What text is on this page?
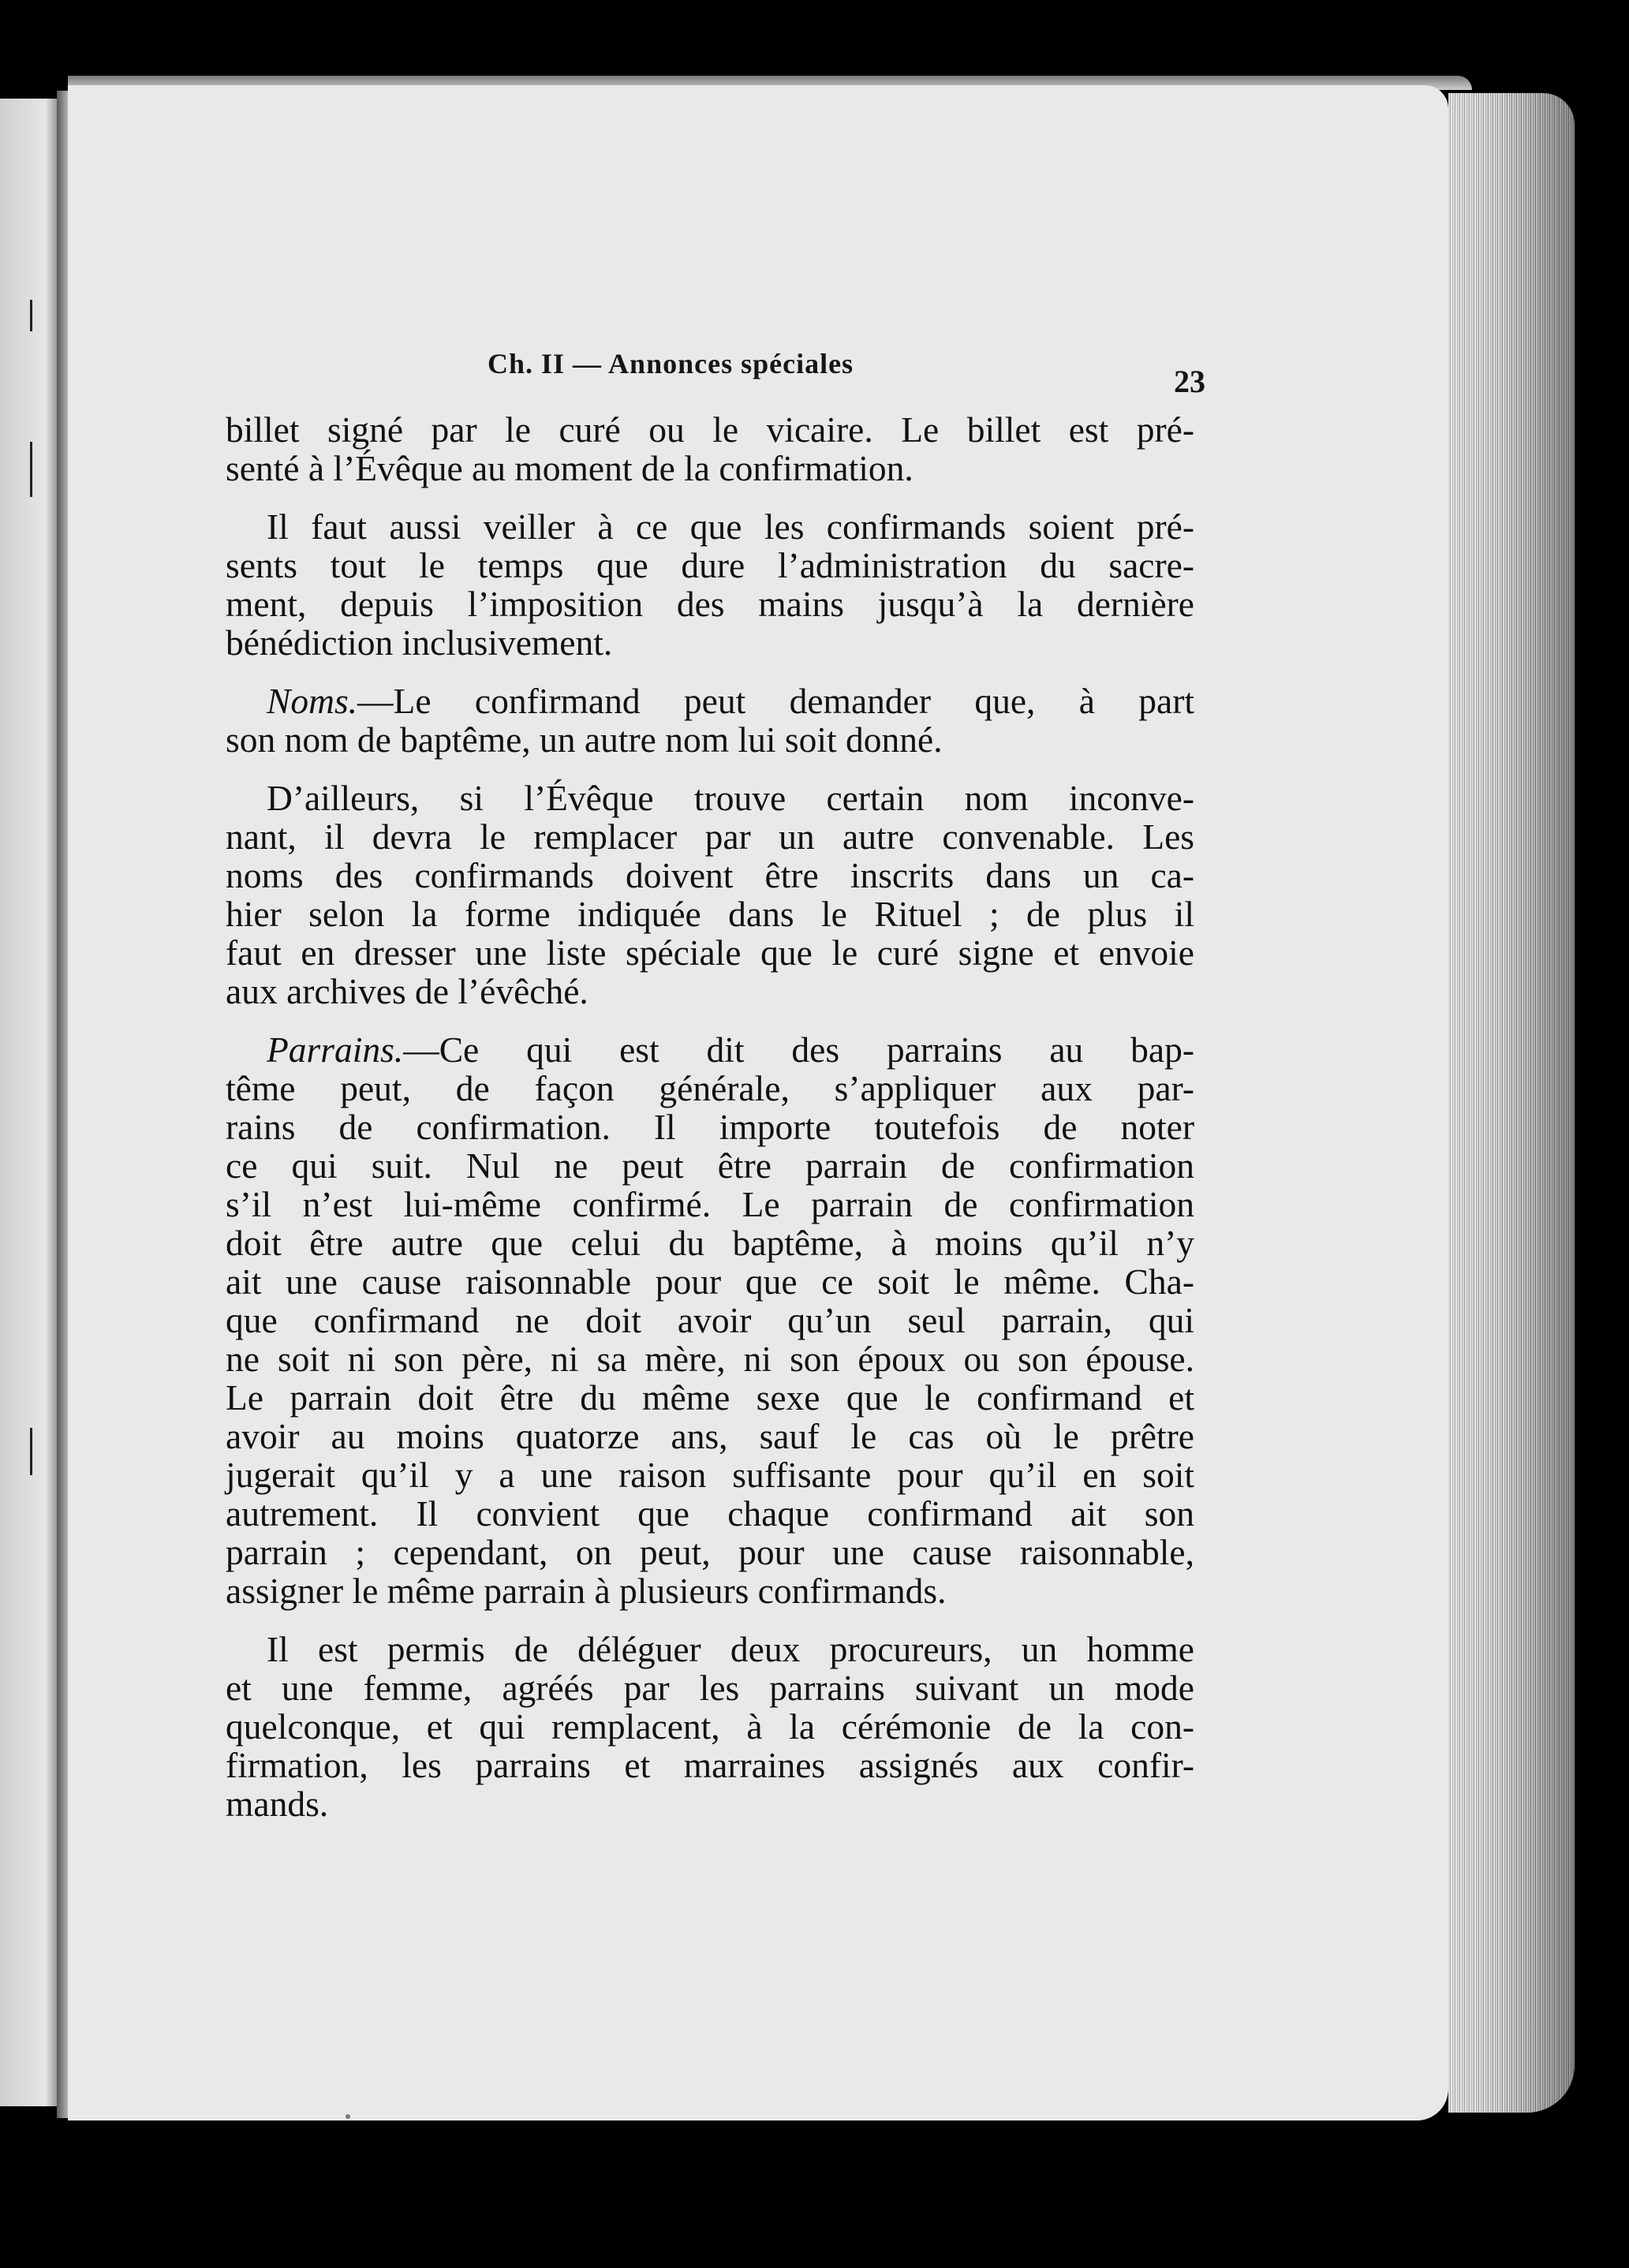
Ch. II — Annonces spéciales	23

billet signé par le curé ou le vicaire. Le billet est pré-
senté à l’Évêque au moment de la confirmation.

Il faut aussi veiller à ce que les confirmands soient pré-
sents tout le temps que dure l’administration du sacre-
ment, depuis l’imposition des mains jusqu’à la dernière
bénédiction inclusivement.

Noms.—Le confirmand peut demander que, à part
son nom de baptême, un autre nom lui soit donné.

D’ailleurs, si l’Évêque trouve certain nom inconve-
nant, il devra le remplacer par un autre convenable. Les
noms des confirmands doivent être inscrits dans un ca-
hier selon la forme indiquée dans le Rituel ; de plus il
faut en dresser une liste spéciale que le curé signe et envoie
aux archives de l’évêché.

Parrains.—Ce qui est dit des parrains au bap-
tême peut, de façon générale, s’appliquer aux par-
rains de confirmation. Il importe toutefois de noter
ce qui suit. Nul ne peut être parrain de confirmation
s’il n’est lui-même confirmé. Le parrain de confirmation
doit être autre que celui du baptême, à moins qu’il n’y
ait une cause raisonnable pour que ce soit le même. Cha-
que confirmand ne doit avoir qu’un seul parrain, qui
ne soit ni son père, ni sa mère, ni son époux ou son épouse.
Le parrain doit être du même sexe que le confirmand et
avoir au moins quatorze ans, sauf le cas où le prêtre
jugerait qu’il y a une raison suffisante pour qu’il en soit
autrement. Il convient que chaque confirmand ait son
parrain ; cependant, on peut, pour une cause raisonnable,
assigner le même parrain à plusieurs confirmands.

Il est permis de déléguer deux procureurs, un homme
et une femme, agréés par les parrains suivant un mode
quelconque, et qui remplacent, à la cérémonie de la con-
firmation, les parrains et marraines assignés aux confir-
mands.
